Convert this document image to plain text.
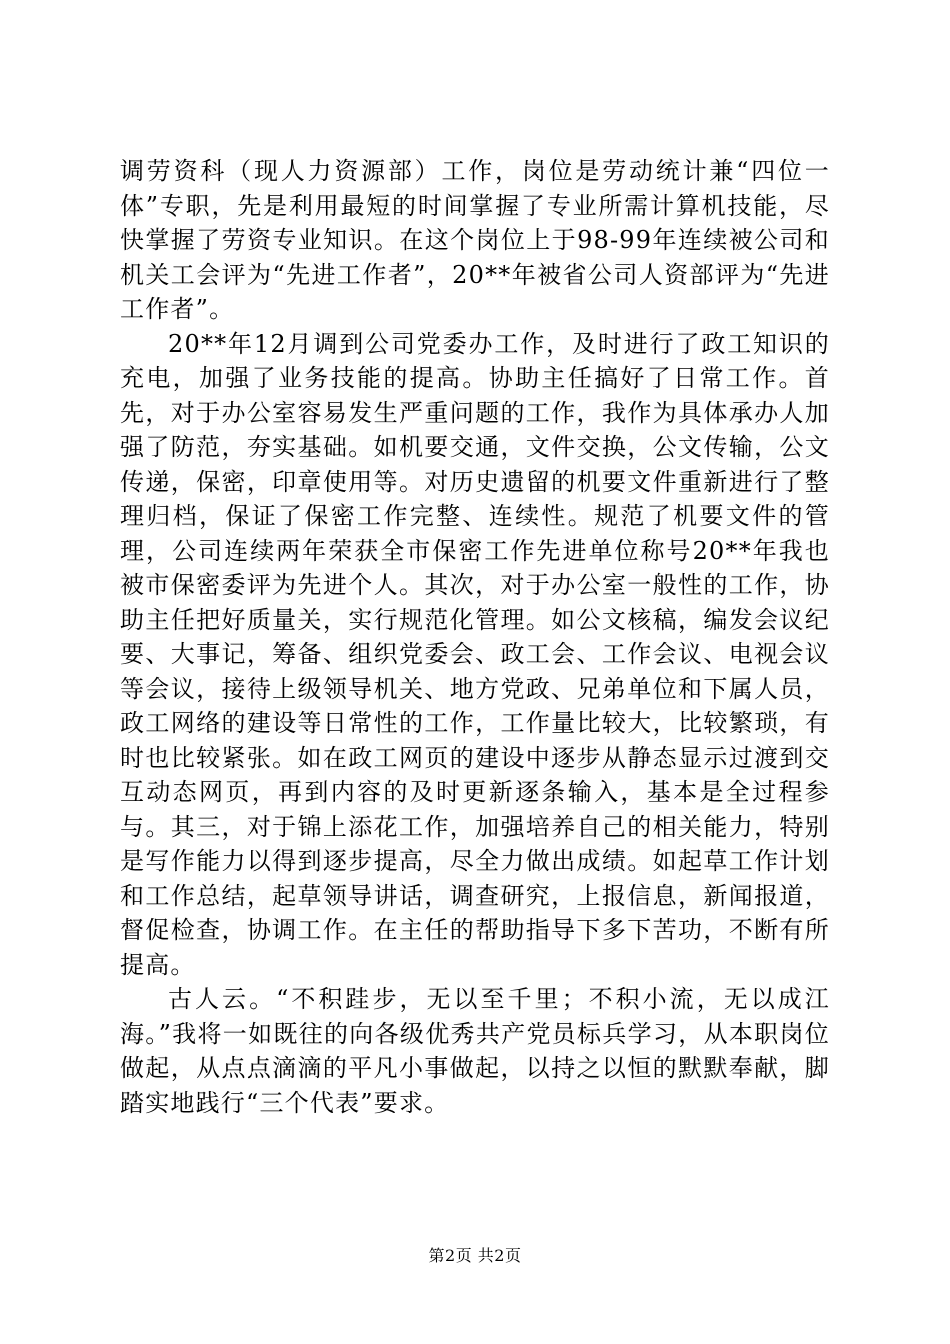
调劳资科（现人力资源部）工作，岗位是劳动统计兼“四位一体”专职，先是利用最短的时间掌握了专业所需计算机技能，尽快掌握了劳资专业知识。在这个岗位上于98-99年连续被公司和机关工会评为“先进工作者”，20**年被省公司人资部评为“先进工作者”。

20**年12月调到公司党委办工作，及时进行了政工知识的充电，加强了业务技能的提高。协助主任搞好了日常工作。首先，对于办公室容易发生严重问题的工作，我作为具体承办人加强了防范，夯实基础。如机要交通，文件交换，公文传输，公文传递，保密，印章使用等。对历史遗留的机要文件重新进行了整理归档，保证了保密工作完整、连续性。规范了机要文件的管理，公司连续两年荣获全市保密工作先进单位称号20**年我也被市保密委评为先进个人。其次，对于办公室一般性的工作，协助主任把好质量关，实行规范化管理。如公文核稿，编发会议纪要、大事记，筹备、组织党委会、政工会、工作会议、电视会议等会议，接待上级领导机关、地方党政、兄弟单位和下属人员，政工网络的建设等日常性的工作，工作量比较大，比较繁琐，有时也比较紧张。如在政工网页的建设中逐步从静态显示过渡到交互动态网页，再到内容的及时更新逐条输入，基本是全过程参与。其三，对于锦上添花工作，加强培养自己的相关能力，特别是写作能力以得到逐步提高，尽全力做出成绩。如起草工作计划和工作总结，起草领导讲话，调查研究，上报信息，新闻报道，督促检查，协调工作。在主任的帮助指导下多下苦功，不断有所提高。

古人云。“不积跬步，无以至千里；不积小流，无以成江海。”我将一如既往的向各级优秀共产党员标兵学习，从本职岗位做起，从点点滴滴的平凡小事做起，以持之以恒的默默奉献，脚踏实地践行“三个代表”要求。

第2页 共2页
